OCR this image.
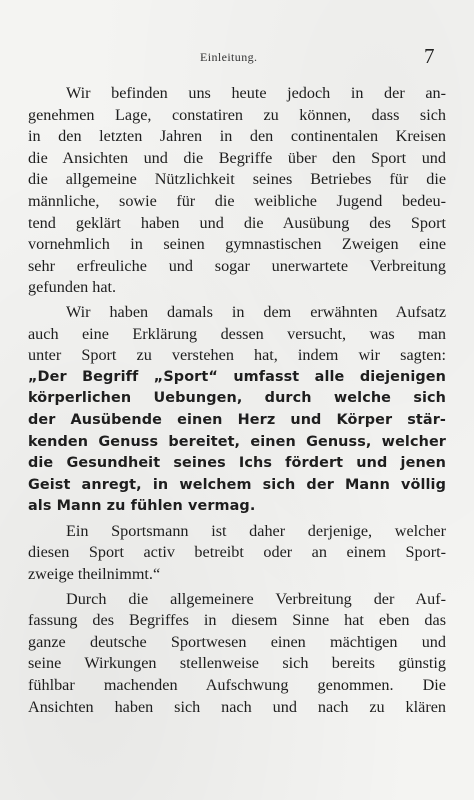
Einleitung.	7
Wir befinden uns heute jedoch in der an-
genehmen Lage, constatiren zu können, dass sich
in den letzten Jahren in den continentalen Kreisen
die Ansichten und die Begriffe über den Sport und
die allgemeine Nützlichkeit seines Betriebes für die
männliche, sowie für die weibliche Jugend bedeu-
tend geklärt haben und die Ausübung des Sport
vornehmlich in seinen gymnastischen Zweigen eine
sehr erfreuliche und sogar unerwartete Verbreitung
gefunden hat.
Wir haben damals in dem erwähnten Aufsatz
auch eine Erklärung dessen versucht, was man
unter Sport zu verstehen hat, indem wir sagten:
„Der Begriff „Sport“ umfasst alle diejenigen
körperlichen Uebungen, durch welche sich
der Ausübende einen Herz und Körper stär-
kenden Genuss bereitet, einen Genuss, welcher
die Gesundheit seines Ichs fördert und jenen
Geist anregt, in welchem sich der Mann völlig
als Mann zu fühlen vermag.
Ein Sportsmann ist daher derjenige, welcher
diesen Sport activ betreibt oder an einem Sport-
zweige theilnimmt.“
Durch die allgemeinere Verbreitung der Auf-
fassung des Begriffes in diesem Sinne hat eben das
ganze deutsche Sportwesen einen mächtigen und
seine Wirkungen stellenweise sich bereits günstig
fühlbar machenden Aufschwung genommen. Die
Ansichten haben sich nach und nach zu klären
